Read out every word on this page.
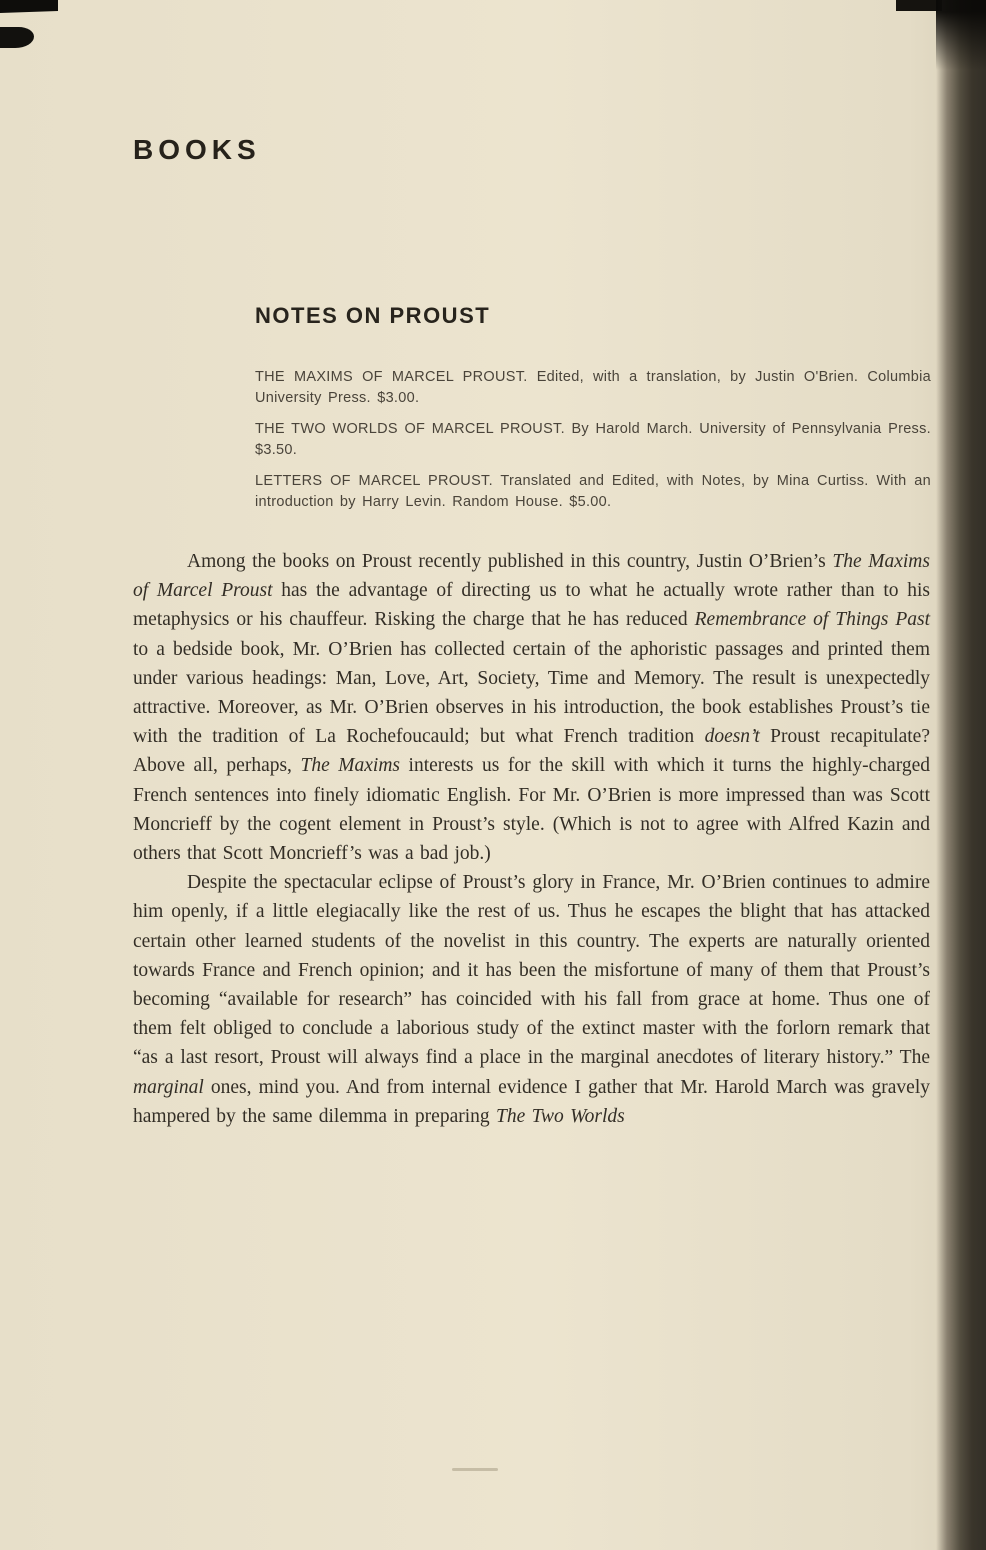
BOOKS
NOTES ON PROUST

THE MAXIMS OF MARCEL PROUST. Edited, with a translation, by Justin O'Brien. Columbia University Press. $3.00.

THE TWO WORLDS OF MARCEL PROUST. By Harold March. University of Pennsylvania Press. $3.50.

LETTERS OF MARCEL PROUST. Translated and Edited, with Notes, by Mina Curtiss. With an introduction by Harry Levin. Random House. $5.00.

Among the books on Proust recently published in this country, Justin O’Brien’s The Maxims of Marcel Proust has the advantage of directing us to what he actually wrote rather than to his metaphysics or his chauffeur. Risking the charge that he has reduced Remembrance of Things Past to a bedside book, Mr. O’Brien has collected certain of the aphoristic passages and printed them under various headings: Man, Love, Art, Society, Time and Memory. The result is unexpectedly attractive. Moreover, as Mr. O’Brien observes in his introduction, the book establishes Proust’s tie with the tradition of La Rochefoucauld; but what French tradition doesn’t Proust recapitulate? Above all, perhaps, The Maxims interests us for the skill with which it turns the highly-charged French sentences into finely idiomatic English. For Mr. O’Brien is more impressed than was Scott Moncrieff by the cogent element in Proust’s style. (Which is not to agree with Alfred Kazin and others that Scott Moncrieff’s was a bad job.)

Despite the spectacular eclipse of Proust’s glory in France, Mr. O’Brien continues to admire him openly, if a little elegiacally like the rest of us. Thus he escapes the blight that has attacked certain other learned students of the novelist in this country. The experts are naturally oriented towards France and French opinion; and it has been the misfortune of many of them that Proust’s becoming “available for research” has coincided with his fall from grace at home. Thus one of them felt obliged to conclude a laborious study of the extinct master with the forlorn remark that “as a last resort, Proust will always find a place in the marginal anecdotes of literary history.” The marginal ones, mind you. And from internal evidence I gather that Mr. Harold March was gravely hampered by the same dilemma in preparing The Two Worlds
